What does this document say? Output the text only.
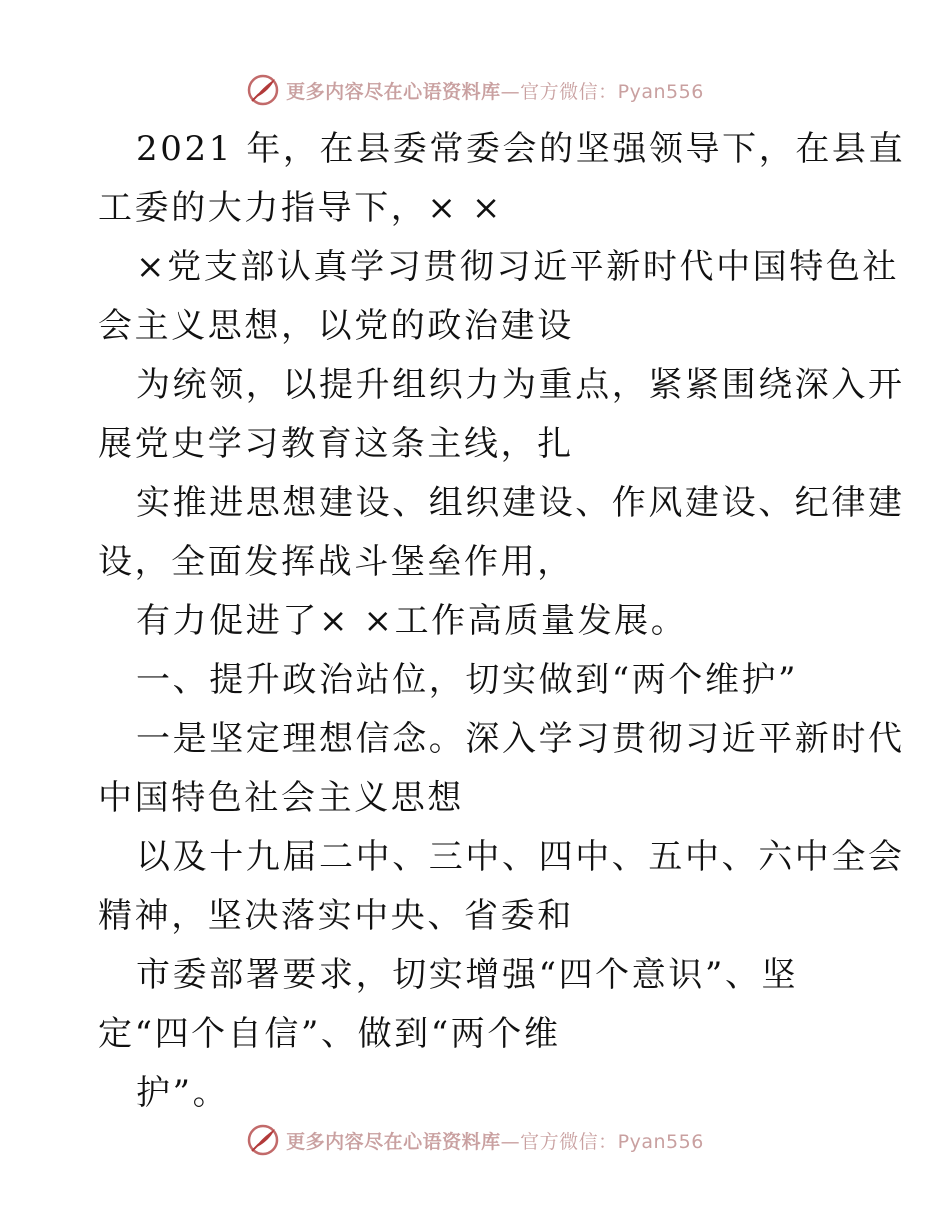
更多内容尽在心语资料库—官方微信：Pyan556
2021 年，在县委常委会的坚强领导下，在县直
工委的大力指导下，× ×
×党支部认真学习贯彻习近平新时代中国特色社
会主义思想，以党的政治建设
为统领，以提升组织力为重点，紧紧围绕深入开
展党史学习教育这条主线，扎
实推进思想建设、组织建设、作风建设、纪律建
设，全面发挥战斗堡垒作用，
有力促进了× ×工作高质量发展。
一、提升政治站位，切实做到“两个维护”
一是坚定理想信念。深入学习贯彻习近平新时代
中国特色社会主义思想
以及十九届二中、三中、四中、五中、六中全会
精神，坚决落实中央、省委和
市委部署要求，切实增强“四个意识”、坚
定“四个自信”、做到“两个维
护”。
更多内容尽在心语资料库—官方微信：Pyan556
